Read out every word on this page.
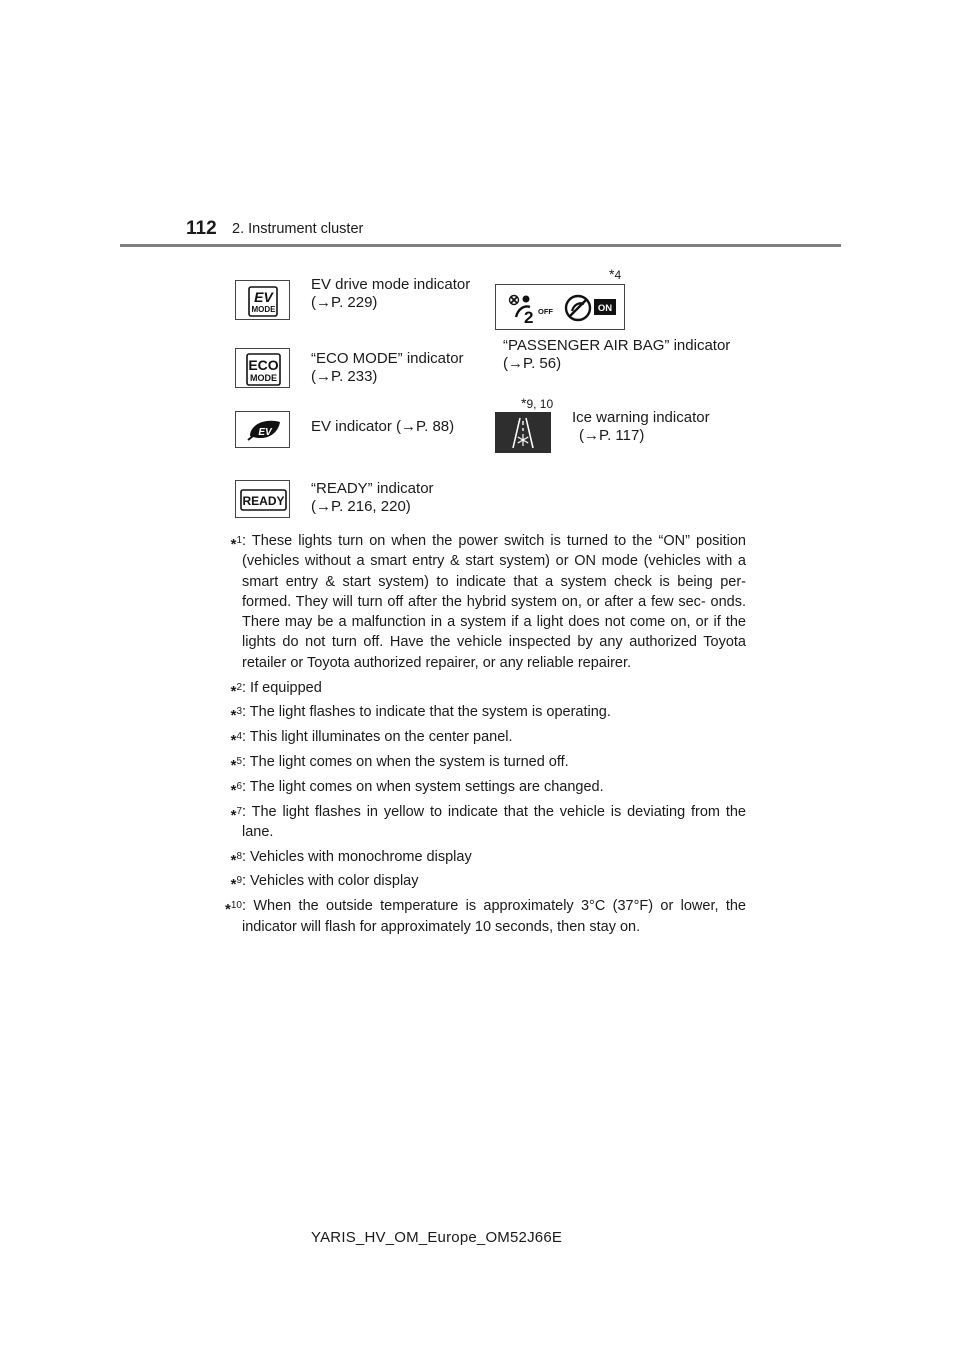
112 2. Instrument cluster
EV
MODE
EV drive mode indicator
(→P. 229)
ECO
MODE
“ECO MODE” indicator
(→P. 233)
EV	EV indicator (→P. 88)
READY
“READY” indicator
(→P. 216, 220)
*4
2 OFF	ON
“PASSENGER AIR BAG” indicator
(→P. 56)
*9, 10
Ice warning indicator
(→P. 117)
*$^1$ : These lights turn on when the power switch is turned to the “ON” position (vehicles without a smart entry & start system) or ON mode (vehicles with a smart entry & start system) to indicate that a system check is being per- formed. They will turn off after the hybrid system on, or after a few sec- onds. There may be a malfunction in a system if a light does not come on, or if the lights do not turn off. Have the vehicle inspected by any authorized Toyota retailer or Toyota authorized repairer, or any reliable repairer.
*$^2$ : If equipped
*$^3$ : The light flashes to indicate that the system is operating.
*$^4$ : This light illuminates on the center panel.
*$^5$ : The light comes on when the system is turned off.
*$^6$ : The light comes on when system settings are changed.
*$^7$ : The light flashes in yellow to indicate that the vehicle is deviating from the lane.
*$^8$ : Vehicles with monochrome display
*$^9$ : Vehicles with color display
*$^{10}$ : When the outside temperature is approximately 3°C (37°F) or lower, the indicator will flash for approximately 10 seconds, then stay on.
YARIS_HV_OM_Europe_OM52J66E
